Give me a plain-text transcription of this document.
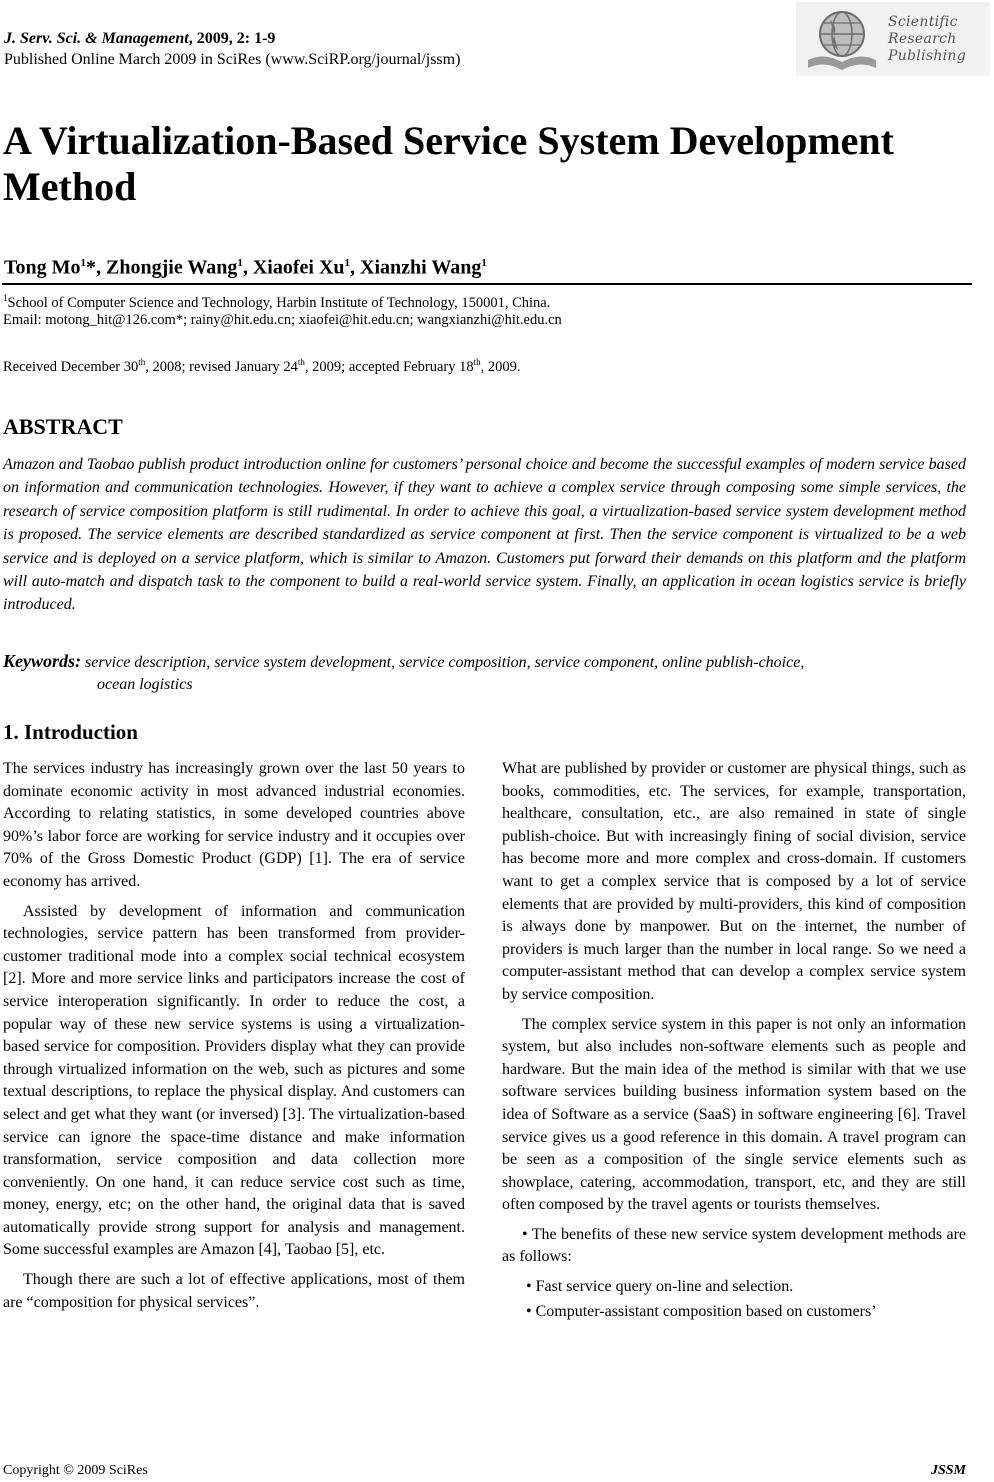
J. Serv. Sci. & Management, 2009, 2: 1-9
Published Online March 2009 in SciRes (www.SciRP.org/journal/jssm)
Scientific
Research
Publishing
A Virtualization-Based Service System Development Method
Tong Mo$^1$*, Zhongjie Wang$^1$, Xiaofei Xu$^1$, Xianzhi Wang$^1$
$^1$School of Computer Science and Technology, Harbin Institute of Technology, 150001, China.
Email: motong_hit@126.com*; rainy@hit.edu.cn; xiaofei@hit.edu.cn; wangxianzhi@hit.edu.cn
Received December 30th, 2008; revised January 24th, 2009; accepted February 18th, 2009.
ABSTRACT

Amazon and Taobao publish product introduction online for customers’ personal choice and become the successful examples of modern service based on information and communication technologies. However, if they want to achieve a complex service through composing some simple services, the research of service composition platform is still rudimental. In order to achieve this goal, a virtualization-based service system development method is proposed. The service elements are described standardized as service component at first. Then the service component is virtualized to be a web service and is deployed on a service platform, which is similar to Amazon. Customers put forward their demands on this platform and the platform will auto-match and dispatch task to the component to build a real-world service system. Finally, an application in ocean logistics service is briefly introduced.

Keywords: service description, service system development, service composition, service component, online publish-choice,
ocean logistics
1. Introduction

The services industry has increasingly grown over the last 50 years to dominate economic activity in most advanced industrial economies. According to relating statistics, in some developed countries above 90%’s labor force are working for service industry and it occupies over 70% of the Gross Domestic Product (GDP) [1]. The era of service economy has arrived.

Assisted by development of information and communication technologies, service pattern has been transformed from provider-customer traditional mode into a complex social technical ecosystem [2]. More and more service links and participators increase the cost of service interoperation significantly. In order to reduce the cost, a popular way of these new service systems is using a virtualization-based service for composition. Providers display what they can provide through virtualized information on the web, such as pictures and some textual descriptions, to replace the physical display. And customers can select and get what they want (or inversed) [3]. The virtualization-based service can ignore the space-time distance and make information transformation, service composition and data collection more conveniently. On one hand, it can reduce service cost such as time, money, energy, etc; on the other hand, the original data that is saved automatically provide strong support for analysis and management. Some successful examples are Amazon [4], Taobao [5], etc.

Though there are such a lot of effective applications, most of them are “composition for physical services”.

What are published by provider or customer are physical things, such as books, commodities, etc. The services, for example, transportation, healthcare, consultation, etc., are also remained in state of single publish-choice. But with increasingly fining of social division, service has become more and more complex and cross-domain. If customers want to get a complex service that is composed by a lot of service elements that are provided by multi-providers, this kind of composition is always done by manpower. But on the internet, the number of providers is much larger than the number in local range. So we need a computer-assistant method that can develop a complex service system by service composition.

The complex service system in this paper is not only an information system, but also includes non-software elements such as people and hardware. But the main idea of the method is similar with that we use software services building business information system based on the idea of Software as a service (SaaS) in software engineering [6]. Travel service gives us a good reference in this domain. A travel program can be seen as a composition of the single service elements such as showplace, catering, accommodation, transport, etc, and they are still often composed by the travel agents or tourists themselves.

• The benefits of these new service system development methods are as follows:

• Fast service query on-line and selection.

• Computer-assistant composition based on customers’

Copyright © 2009 SciRes	JSSM
